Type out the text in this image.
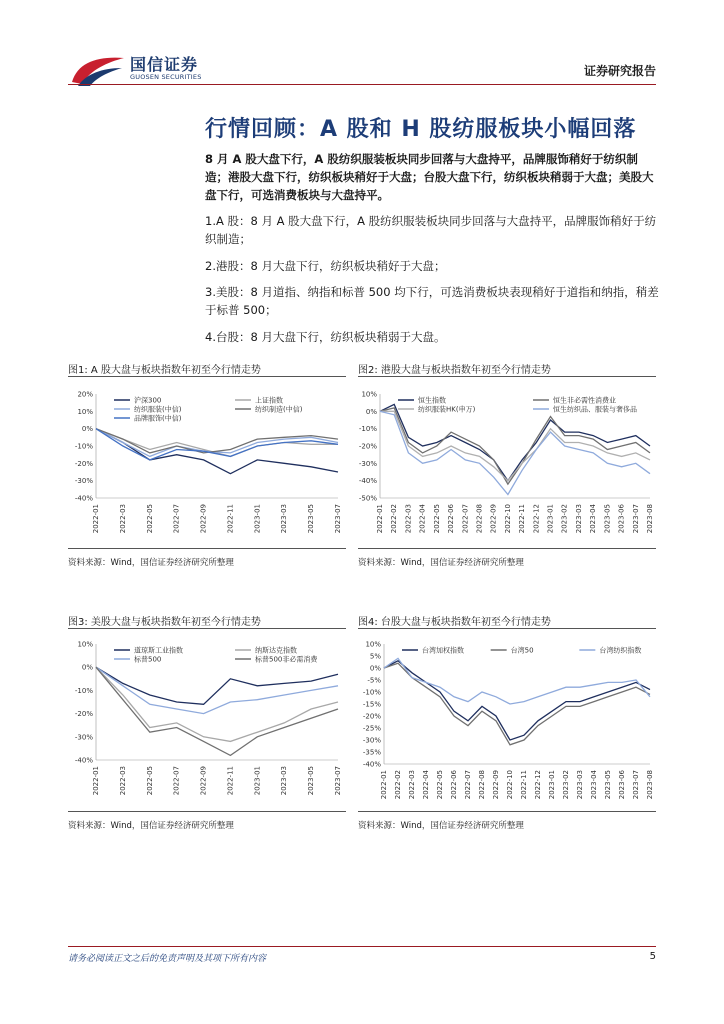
国信证券
GUOSEN SECURITIES	证券研究报告
行情回顾：A 股和 H 股纺服板块小幅回落
8 月 A 股大盘下行，A 股纺织服装板块同步回落与大盘持平，品牌服饰稍好于纺织制造；港股大盘下行，纺织板块稍好于大盘；台股大盘下行，纺织板块稍弱于大盘；美股大盘下行，可选消费板块与大盘持平。
1.A 股：8 月 A 股大盘下行，A 股纺织服装板块同步回落与大盘持平，品牌服饰稍好于纺织制造；
2.港股：8 月大盘下行，纺织板块稍好于大盘；
3.美股：8 月道指、纳指和标普 500 均下行，可选消费板块表现稍好于道指和纳指，稍差于标普 500；
4.台股：8 月大盘下行，纺织板块稍弱于大盘。
图1: A 股大盘与板块指数年初至今行情走势
20%
10%
0%
-10%
-20%
-30%
-40%
2022-01	2022-03	2022-05	2022-07	2022-09	2022-11	2023-01	2023-03	2023-05	2023-07
沪深300	上证指数
纺织服装(中信)	纺织制造(中信)
品牌服饰(中信)
资料来源：Wind，国信证券经济研究所整理
图2: 港股大盘与板块指数年初至今行情走势
10%
0%
-10%
-20%
-30%
-40%
-50%
2022-01 2022-02 2022-03 2022-04 2022-05 2022-06 2022-07 2022-08 2022-09 2022-10 2022-11 2022-12 2023-01 2023-02 2023-03 2023-04 2023-05 2023-06 2023-07 2023-08
恒生指数	恒生非必需性消费业
纺织服装HK(申万)	恒生纺织品、服装与奢侈品
资料来源：Wind，国信证券经济研究所整理
图3: 美股大盘与板块指数年初至今行情走势
10%
0%
-10%
-20%
-30%
-40%
2022-01	2022-03	2022-05	2022-07	2022-09	2022-11	2023-01	2023-03	2023-05	2023-07
道琼斯工业指数	纳斯达克指数
标普500	标普500非必需消费
资料来源：Wind，国信证券经济研究所整理
图4: 台股大盘与板块指数年初至今行情走势
10%
5%
0%
-5%
-10%
-15%
-20%
-25%
-30%
-35%
-40%
2022-01 2022-02 2022-03 2022-04 2022-05 2022-06 2022-07 2022-08 2022-09 2022-10 2022-11 2022-12 2023-01 2023-02 2023-03 2023-04 2023-05 2023-06 2023-07 2023-08
台湾加权指数	台湾50	台湾纺织指数
资料来源：Wind，国信证券经济研究所整理
请务必阅读正文之后的免责声明及其项下所有内容	5
